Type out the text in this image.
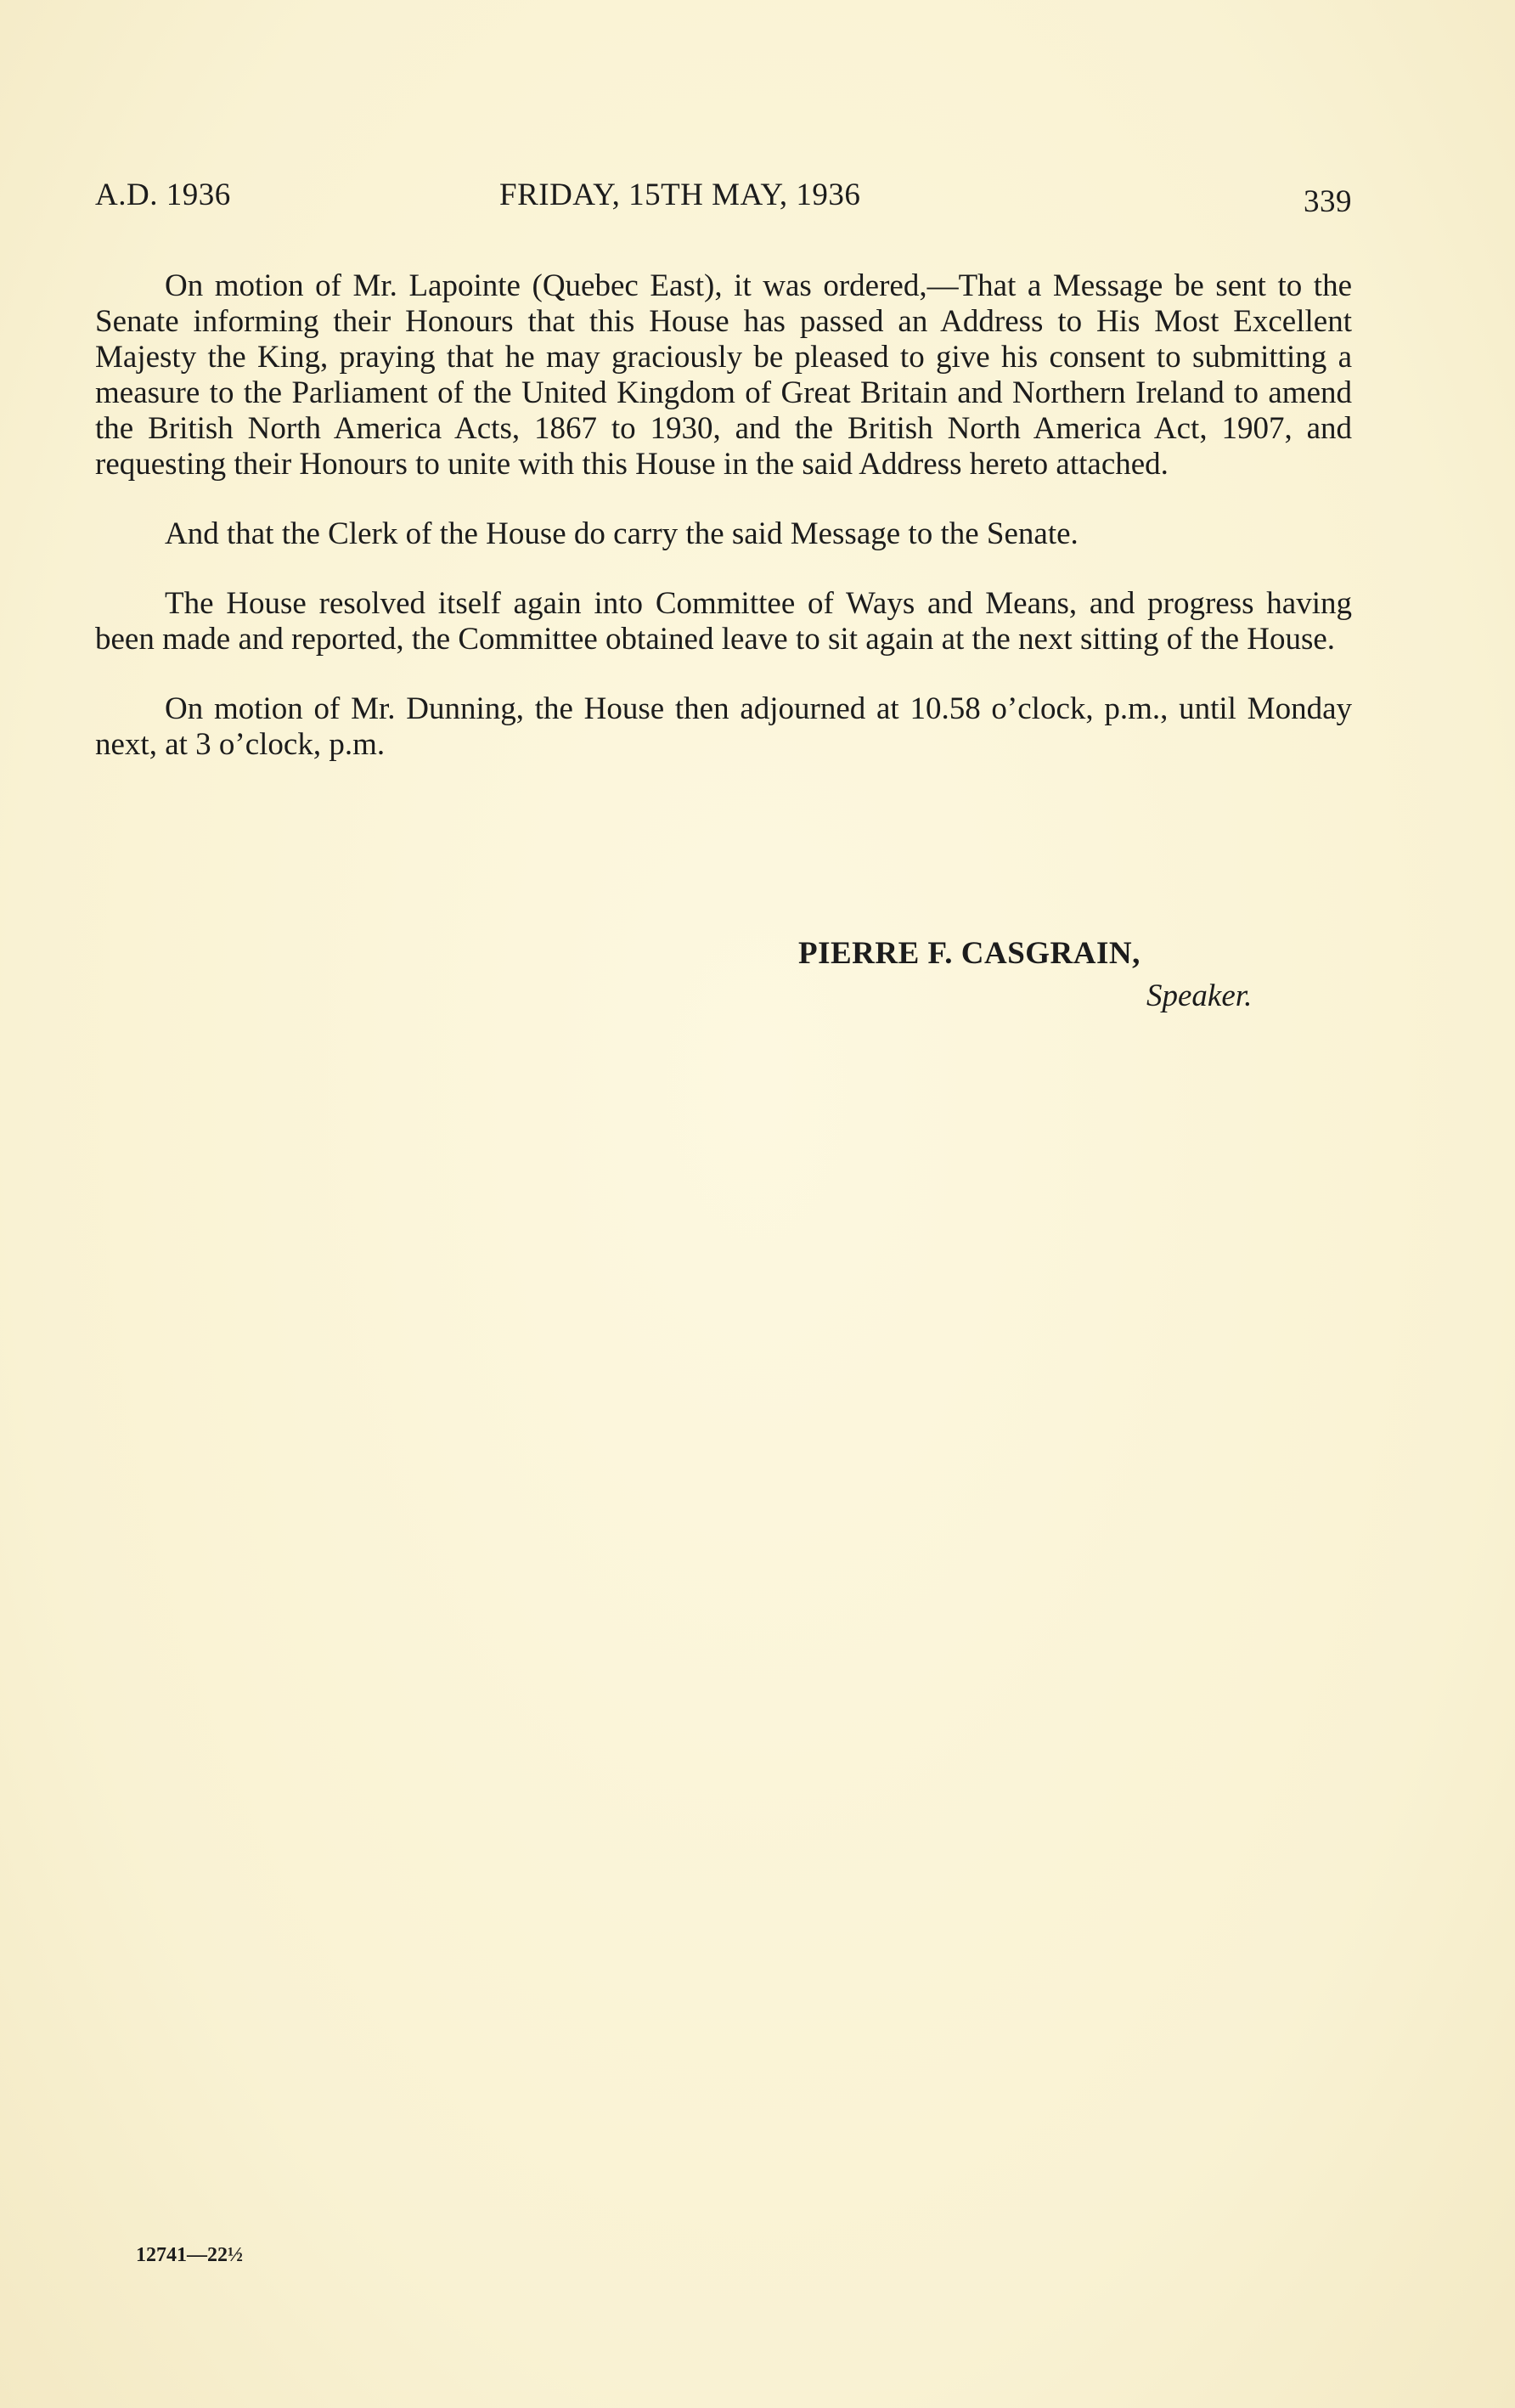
A.D. 1936	FRIDAY, 15TH MAY, 1936	339

On motion of Mr. Lapointe (Quebec East), it was ordered,—That a Message be sent to the Senate informing their Honours that this House has passed an Address to His Most Excellent Majesty the King, praying that he may graciously be pleased to give his consent to submitting a measure to the Parliament of the United Kingdom of Great Britain and Northern Ireland to amend the British North America Acts, 1867 to 1930, and the British North America Act, 1907, and requesting their Honours to unite with this House in the said Address hereto attached.

And that the Clerk of the House do carry the said Message to the Senate.

The House resolved itself again into Committee of Ways and Means, and progress having been made and reported, the Committee obtained leave to sit again at the next sitting of the House.

On motion of Mr. Dunning, the House then adjourned at 10.58 o’clock, p.m., until Monday next, at 3 o’clock, p.m.

PIERRE F. CASGRAIN,
Speaker.
12741—22½
